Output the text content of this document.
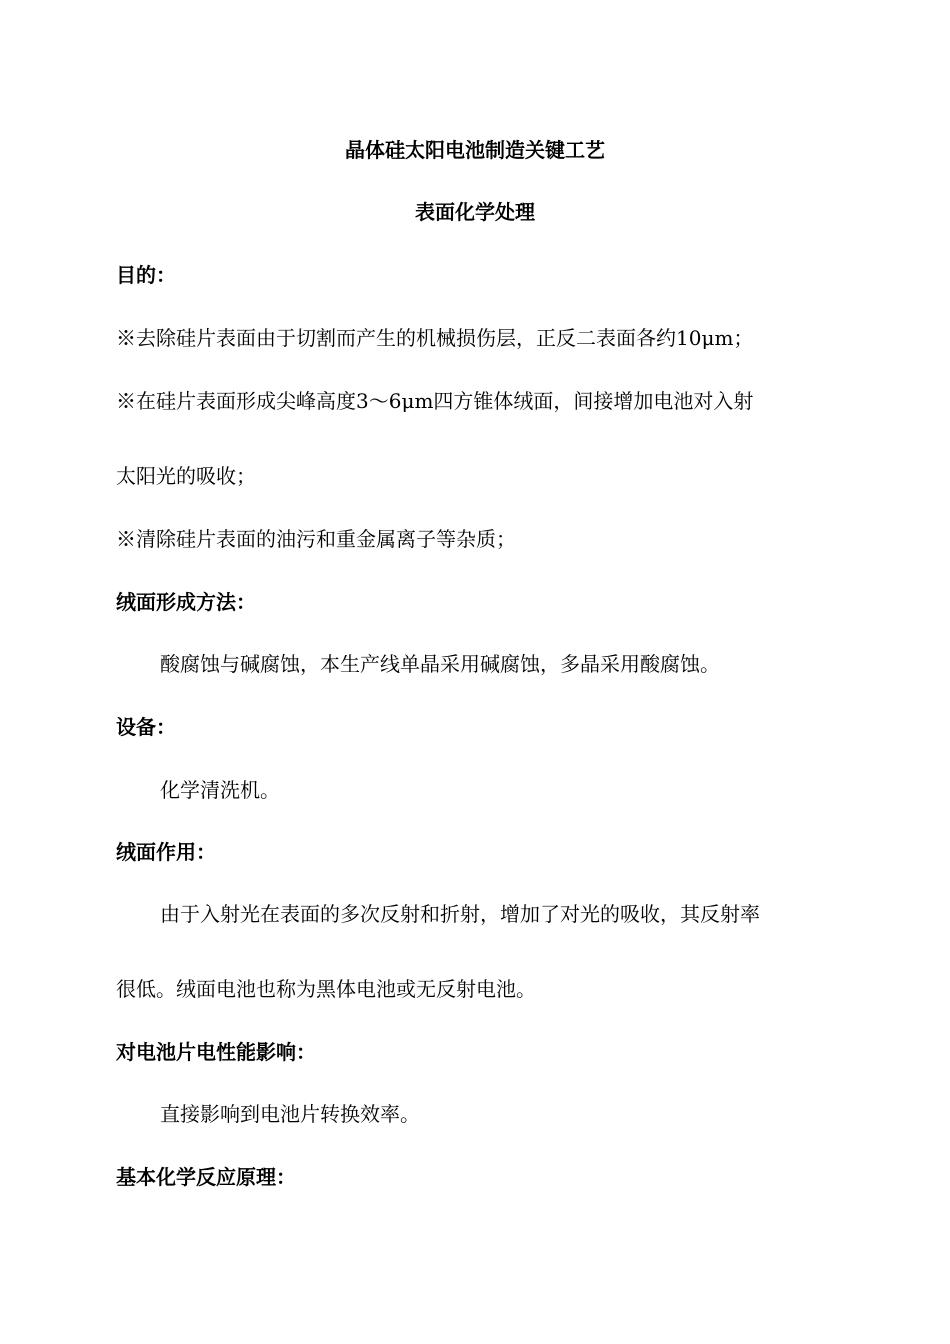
晶体硅太阳电池制造关键工艺
表面化学处理
目的：
※去除硅片表面由于切割而产生的机械损伤层，正反二表面各约10μm；
※在硅片表面形成尖峰高度3～6μm四方锥体绒面，间接增加电池对入射
太阳光的吸收；
※清除硅片表面的油污和重金属离子等杂质；
绒面形成方法：
酸腐蚀与碱腐蚀，本生产线单晶采用碱腐蚀，多晶采用酸腐蚀。
设备：
化学清洗机。
绒面作用：
由于入射光在表面的多次反射和折射，增加了对光的吸收，其反射率
很低。绒面电池也称为黑体电池或无反射电池。
对电池片电性能影响：
直接影响到电池片转换效率。
基本化学反应原理：
